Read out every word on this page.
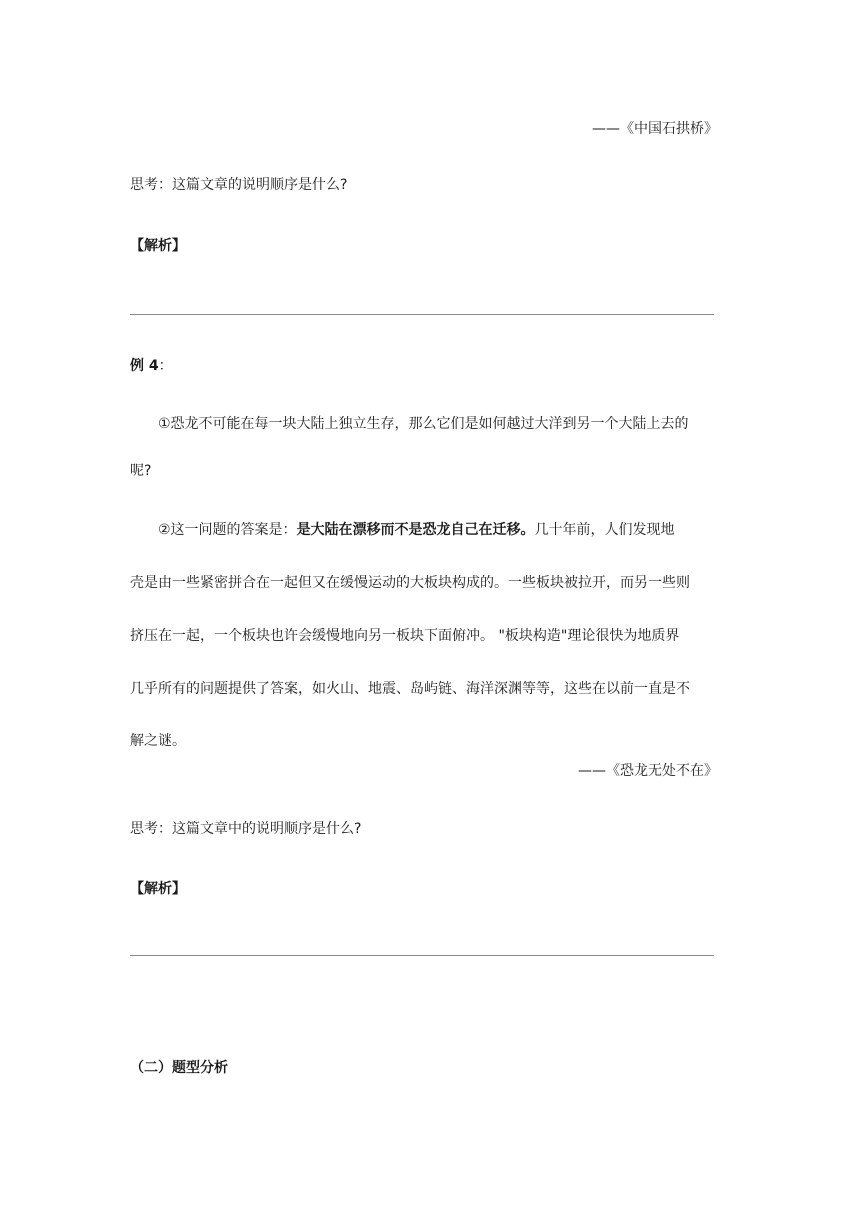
——《中国石拱桥》
思考：这篇文章的说明顺序是什么?
【解析】
例 4：
①恐龙不可能在每一块大陆上独立生存，那么它们是如何越过大洋到另一个大陆上去的
呢?
②这一问题的答案是：是大陆在漂移而不是恐龙自己在迁移。几十年前，人们发现地
壳是由一些紧密拼合在一起但又在缓慢运动的大板块构成的。一些板块被拉开，而另一些则
挤压在一起，一个板块也许会缓慢地向另一板块下面俯冲。 "板块构造"理论很快为地质界
几乎所有的问题提供了答案，如火山、地震、岛屿链、海洋深渊等等，这些在以前一直是不
解之谜。
——《恐龙无处不在》
思考：这篇文章中的说明顺序是什么?
【解析】
（二）题型分析
